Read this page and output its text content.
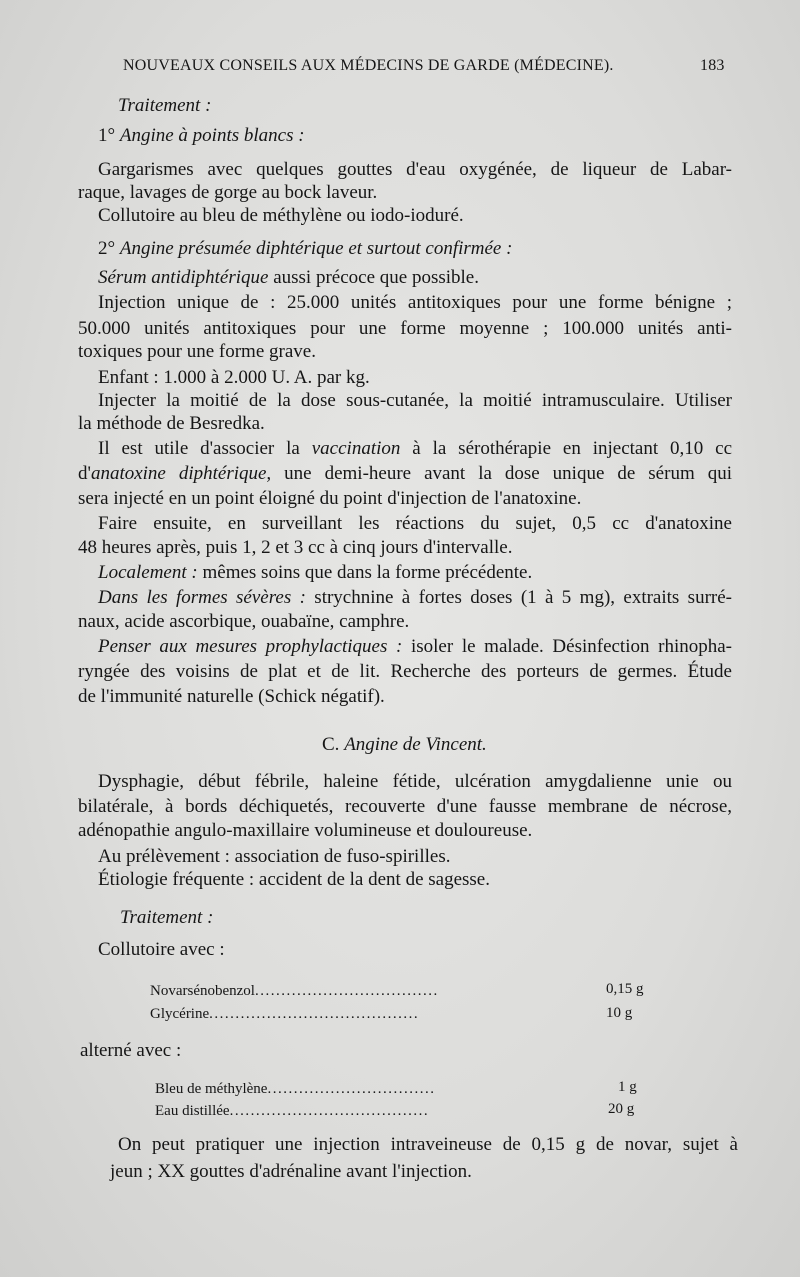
NOUVEAUX CONSEILS AUX MÉDECINS DE GARDE (MÉDECINE).	183
Traitement :
1° Angine à points blancs :
Gargarismes avec quelques gouttes d'eau oxygénée, de liqueur de Labar-
raque, lavages de gorge au bock laveur.
Collutoire au bleu de méthylène ou iodo-ioduré.
2° Angine présumée diphtérique et surtout confirmée :
Sérum antidiphtérique aussi précoce que possible.
Injection unique de : 25.000 unités antitoxiques pour une forme bénigne ;
50.000 unités antitoxiques pour une forme moyenne ; 100.000 unités anti-
toxiques pour une forme grave.
Enfant : 1.000 à 2.000 U. A. par kg.
Injecter la moitié de la dose sous-cutanée, la moitié intramusculaire. Utiliser
la méthode de Besredka.
Il est utile d'associer la vaccination à la sérothérapie en injectant 0,10 cc
d'anatoxine diphtérique, une demi-heure avant la dose unique de sérum qui
sera injecté en un point éloigné du point d'injection de l'anatoxine.
Faire ensuite, en surveillant les réactions du sujet, 0,5 cc d'anatoxine
48 heures après, puis 1, 2 et 3 cc à cinq jours d'intervalle.
Localement : mêmes soins que dans la forme précédente.
Dans les formes sévères : strychnine à fortes doses (1 à 5 mg), extraits surré-
naux, acide ascorbique, ouabaïne, camphre.
Penser aux mesures prophylactiques : isoler le malade. Désinfection rhinopha-
ryngée des voisins de plat et de lit. Recherche des porteurs de germes. Étude
de l'immunité naturelle (Schick négatif).
C. Angine de Vincent.
Dysphagie, début fébrile, haleine fétide, ulcération amygdalienne unie ou
bilatérale, à bords déchiquetés, recouverte d'une fausse membrane de nécrose,
adénopathie angulo-maxillaire volumineuse et douloureuse.
Au prélèvement : association de fuso-spirilles.
Étiologie fréquente : accident de la dent de sagesse.
Traitement :
Collutoire avec :
Novarsénobenzol...................................	0,15 g
Glycérine........................................	10 g
alterné avec :
Bleu de méthylène................................	1 g
Eau distillée......................................	20 g
On peut pratiquer une injection intraveineuse de 0,15 g de novar, sujet à
jeun ; XX gouttes d'adrénaline avant l'injection.
